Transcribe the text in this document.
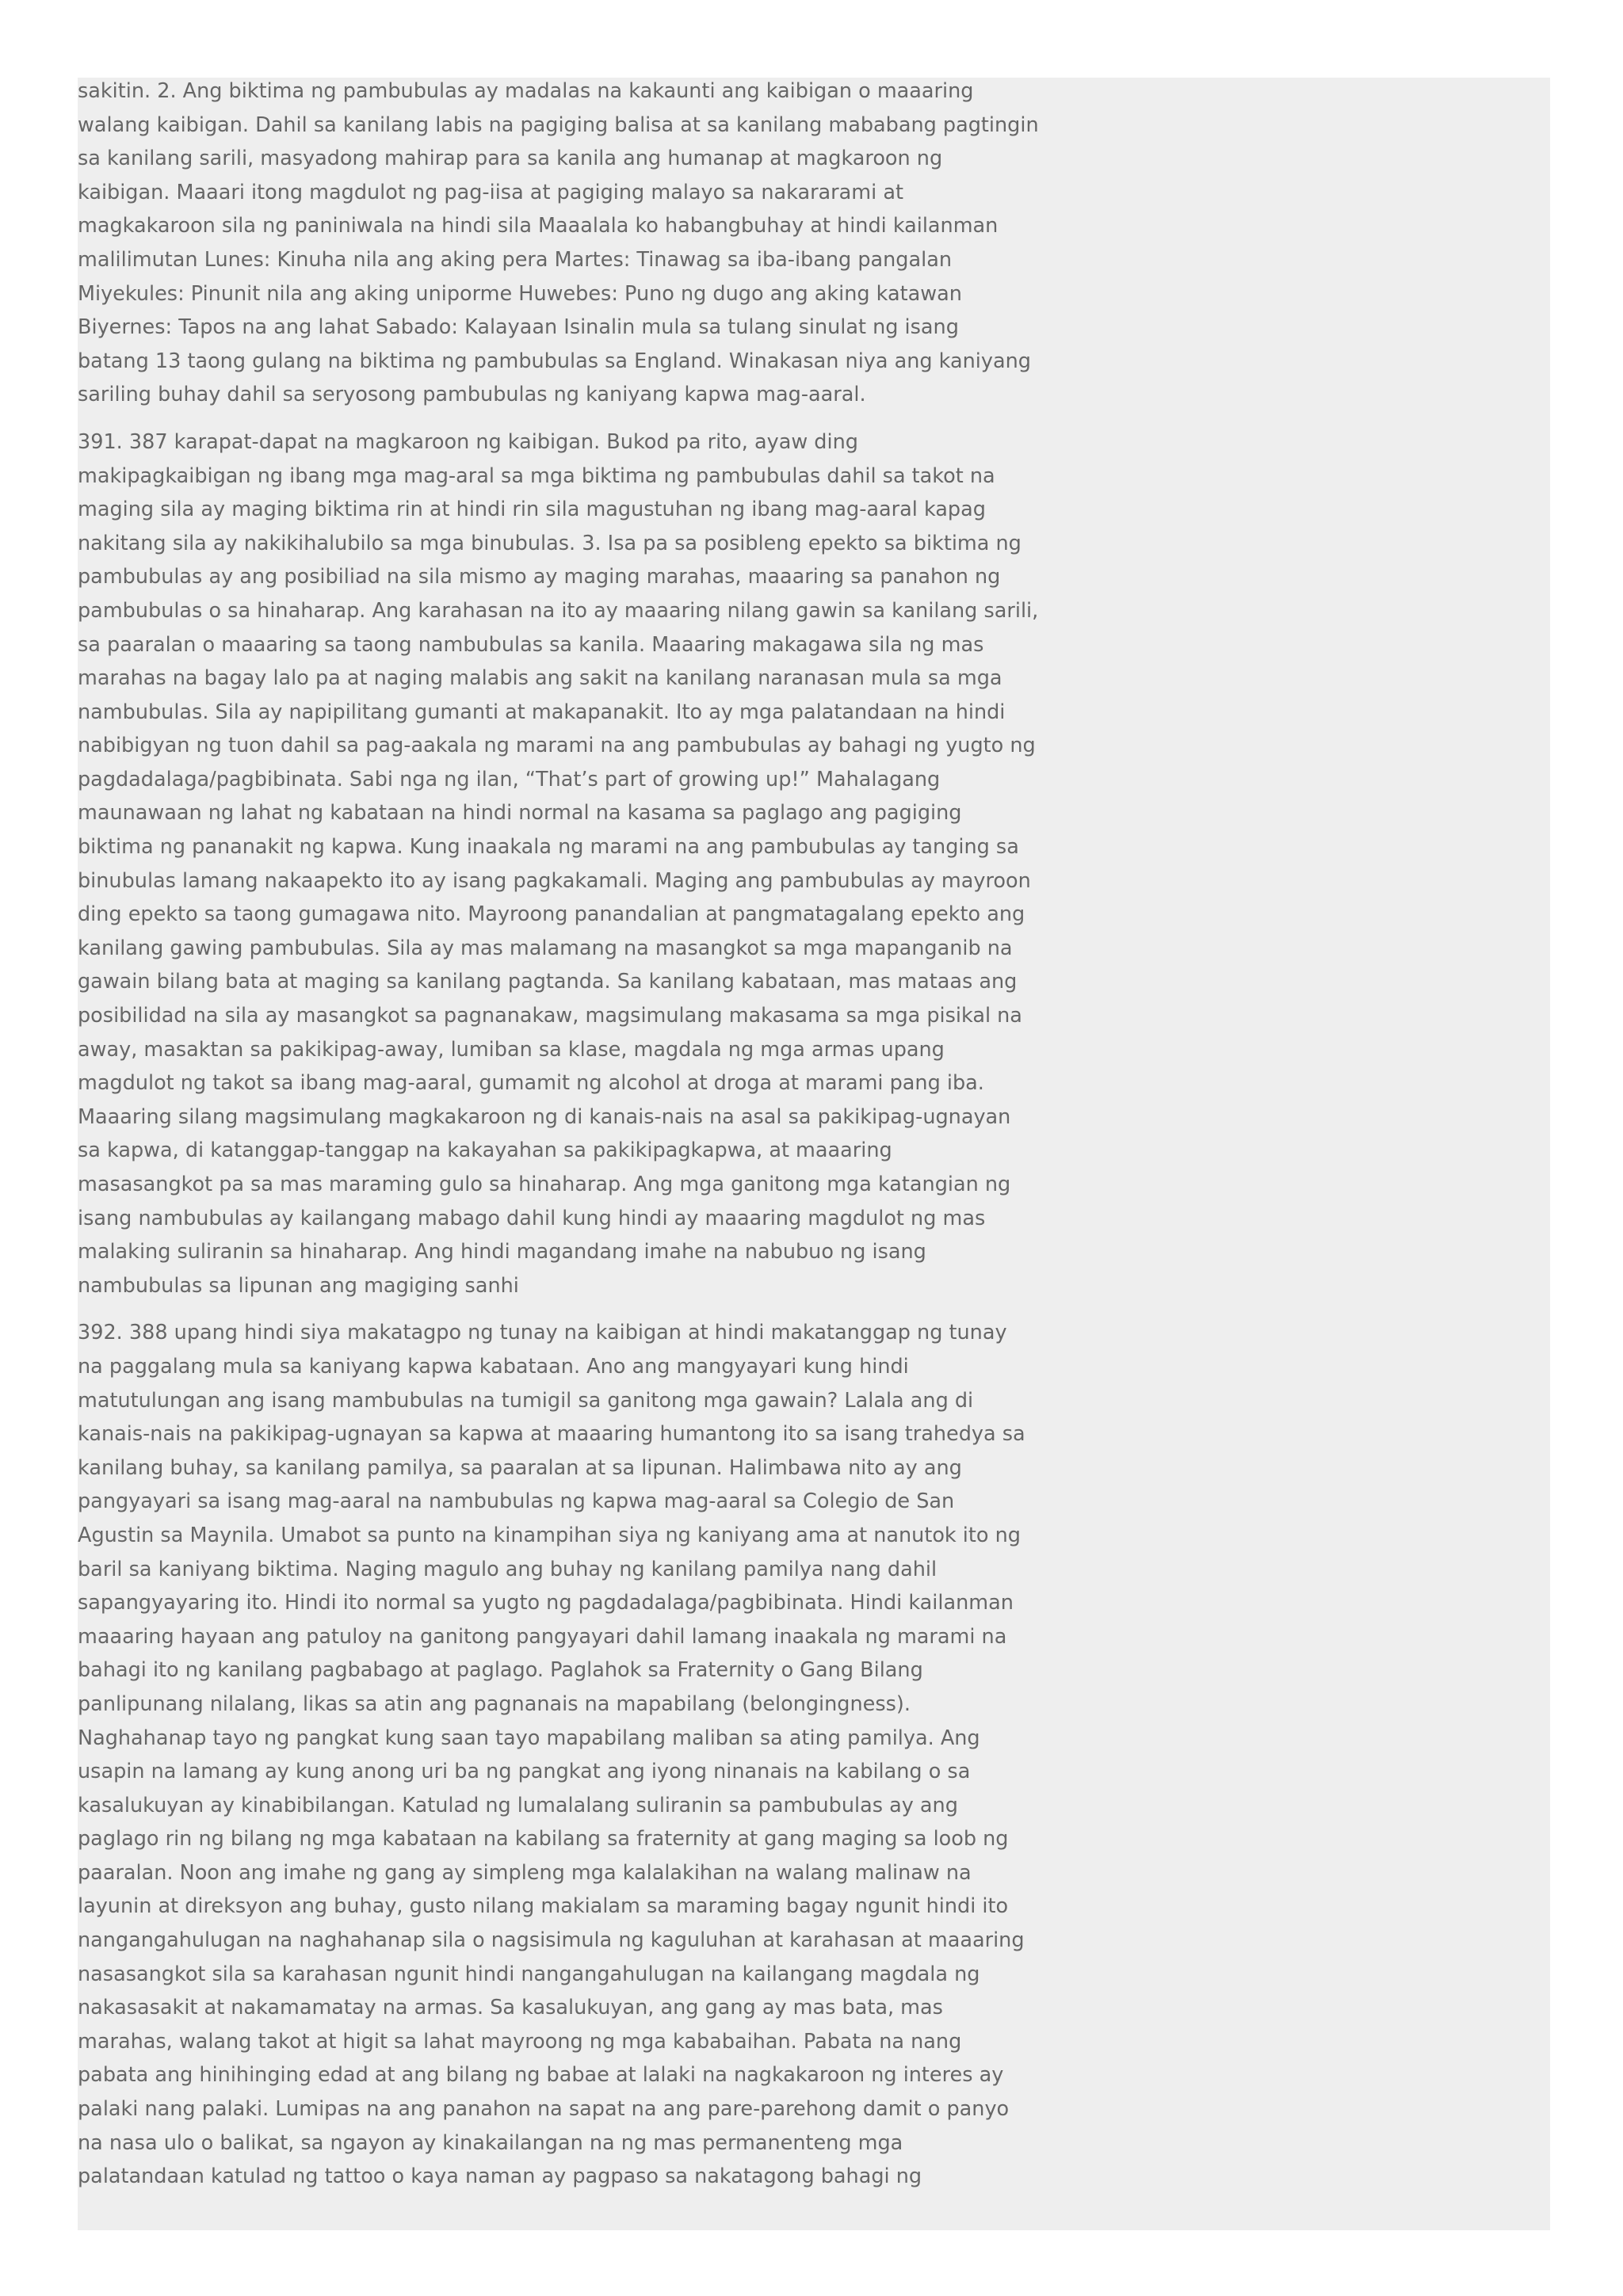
sakitin. 2. Ang biktima ng pambubulas ay madalas na kakaunti ang kaibigan o maaaring
walang kaibigan. Dahil sa kanilang labis na pagiging balisa at sa kanilang mababang pagtingin
sa kanilang sarili, masyadong mahirap para sa kanila ang humanap at magkaroon ng
kaibigan. Maaari itong magdulot ng pag-iisa at pagiging malayo sa nakararami at
magkakaroon sila ng paniniwala na hindi sila Maaalala ko habangbuhay at hindi kailanman
malilimutan Lunes: Kinuha nila ang aking pera Martes: Tinawag sa iba-ibang pangalan
Miyekules: Pinunit nila ang aking uniporme Huwebes: Puno ng dugo ang aking katawan
Biyernes: Tapos na ang lahat Sabado: Kalayaan Isinalin mula sa tulang sinulat ng isang
batang 13 taong gulang na biktima ng pambubulas sa England. Winakasan niya ang kaniyang
sariling buhay dahil sa seryosong pambubulas ng kaniyang kapwa mag-aaral.

391. 387 karapat-dapat na magkaroon ng kaibigan. Bukod pa rito, ayaw ding
makipagkaibigan ng ibang mga mag-aral sa mga biktima ng pambubulas dahil sa takot na
maging sila ay maging biktima rin at hindi rin sila magustuhan ng ibang mag-aaral kapag
nakitang sila ay nakikihalubilo sa mga binubulas. 3. Isa pa sa posibleng epekto sa biktima ng
pambubulas ay ang posibiliad na sila mismo ay maging marahas, maaaring sa panahon ng
pambubulas o sa hinaharap. Ang karahasan na ito ay maaaring nilang gawin sa kanilang sarili,
sa paaralan o maaaring sa taong nambubulas sa kanila. Maaaring makagawa sila ng mas
marahas na bagay lalo pa at naging malabis ang sakit na kanilang naranasan mula sa mga
nambubulas. Sila ay napipilitang gumanti at makapanakit. Ito ay mga palatandaan na hindi
nabibigyan ng tuon dahil sa pag-aakala ng marami na ang pambubulas ay bahagi ng yugto ng
pagdadalaga/pagbibinata. Sabi nga ng ilan, “That’s part of growing up!” Mahalagang
maunawaan ng lahat ng kabataan na hindi normal na kasama sa paglago ang pagiging
biktima ng pananakit ng kapwa. Kung inaakala ng marami na ang pambubulas ay tanging sa
binubulas lamang nakaapekto ito ay isang pagkakamali. Maging ang pambubulas ay mayroon
ding epekto sa taong gumagawa nito. Mayroong panandalian at pangmatagalang epekto ang
kanilang gawing pambubulas. Sila ay mas malamang na masangkot sa mga mapanganib na
gawain bilang bata at maging sa kanilang pagtanda. Sa kanilang kabataan, mas mataas ang
posibilidad na sila ay masangkot sa pagnanakaw, magsimulang makasama sa mga pisikal na
away, masaktan sa pakikipag-away, lumiban sa klase, magdala ng mga armas upang
magdulot ng takot sa ibang mag-aaral, gumamit ng alcohol at droga at marami pang iba.
Maaaring silang magsimulang magkakaroon ng di kanais-nais na asal sa pakikipag-ugnayan
sa kapwa, di katanggap-tanggap na kakayahan sa pakikipagkapwa, at maaaring
masasangkot pa sa mas maraming gulo sa hinaharap. Ang mga ganitong mga katangian ng
isang nambubulas ay kailangang mabago dahil kung hindi ay maaaring magdulot ng mas
malaking suliranin sa hinaharap. Ang hindi magandang imahe na nabubuo ng isang
nambubulas sa lipunan ang magiging sanhi

392. 388 upang hindi siya makatagpo ng tunay na kaibigan at hindi makatanggap ng tunay
na paggalang mula sa kaniyang kapwa kabataan. Ano ang mangyayari kung hindi
matutulungan ang isang mambubulas na tumigil sa ganitong mga gawain? Lalala ang di
kanais-nais na pakikipag-ugnayan sa kapwa at maaaring humantong ito sa isang trahedya sa
kanilang buhay, sa kanilang pamilya, sa paaralan at sa lipunan. Halimbawa nito ay ang
pangyayari sa isang mag-aaral na nambubulas ng kapwa mag-aaral sa Colegio de San
Agustin sa Maynila. Umabot sa punto na kinampihan siya ng kaniyang ama at nanutok ito ng
baril sa kaniyang biktima. Naging magulo ang buhay ng kanilang pamilya nang dahil
sapangyayaring ito. Hindi ito normal sa yugto ng pagdadalaga/pagbibinata. Hindi kailanman
maaaring hayaan ang patuloy na ganitong pangyayari dahil lamang inaakala ng marami na
bahagi ito ng kanilang pagbabago at paglago. Paglahok sa Fraternity o Gang Bilang
panlipunang nilalang, likas sa atin ang pagnanais na mapabilang (belongingness).
Naghahanap tayo ng pangkat kung saan tayo mapabilang maliban sa ating pamilya. Ang
usapin na lamang ay kung anong uri ba ng pangkat ang iyong ninanais na kabilang o sa
kasalukuyan ay kinabibilangan. Katulad ng lumalalang suliranin sa pambubulas ay ang
paglago rin ng bilang ng mga kabataan na kabilang sa fraternity at gang maging sa loob ng
paaralan. Noon ang imahe ng gang ay simpleng mga kalalakihan na walang malinaw na
layunin at direksyon ang buhay, gusto nilang makialam sa maraming bagay ngunit hindi ito
nangangahulugan na naghahanap sila o nagsisimula ng kaguluhan at karahasan at maaaring
nasasangkot sila sa karahasan ngunit hindi nangangahulugan na kailangang magdala ng
nakasasakit at nakamamatay na armas. Sa kasalukuyan, ang gang ay mas bata, mas
marahas, walang takot at higit sa lahat mayroong ng mga kababaihan. Pabata na nang
pabata ang hinihinging edad at ang bilang ng babae at lalaki na nagkakaroon ng interes ay
palaki nang palaki. Lumipas na ang panahon na sapat na ang pare-parehong damit o panyo
na nasa ulo o balikat, sa ngayon ay kinakailangan na ng mas permanenteng mga
palatandaan katulad ng tattoo o kaya naman ay pagpaso sa nakatagong bahagi ng
